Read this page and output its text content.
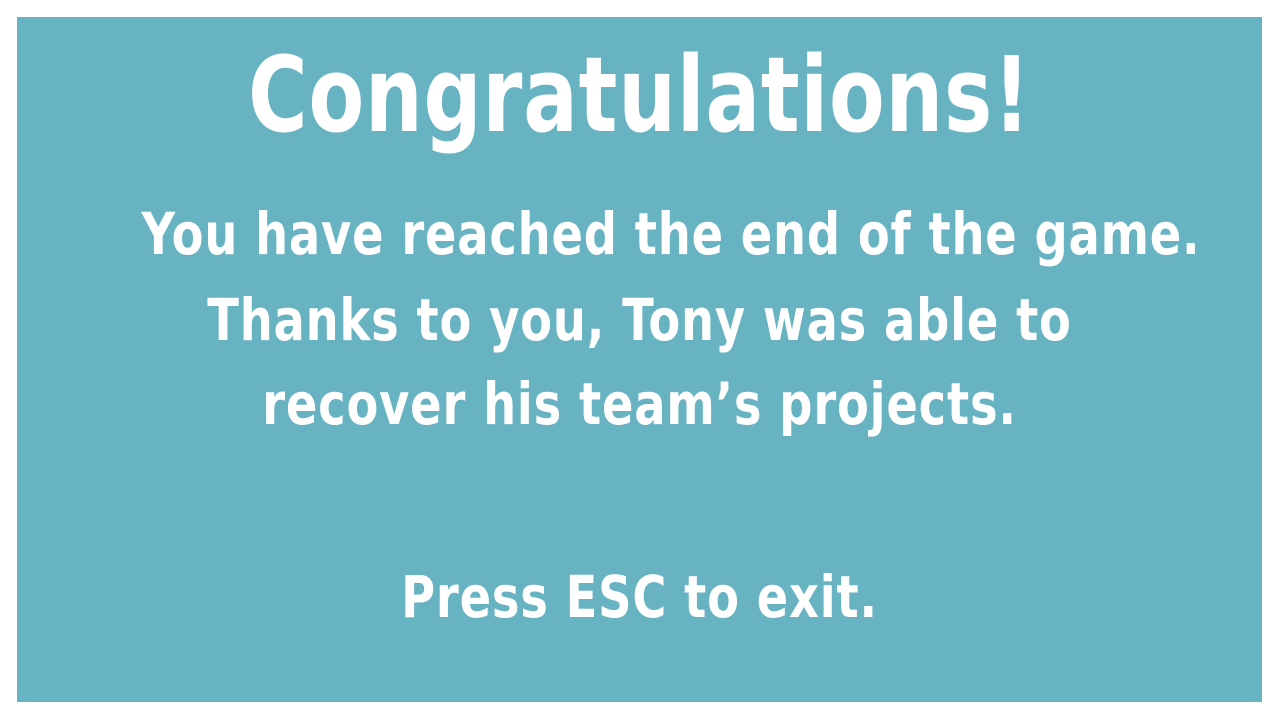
Congratulations!
You have reached the end of the game.
Thanks to you, Tony was able to
recover his team’s projects.
Press ESC to exit.
